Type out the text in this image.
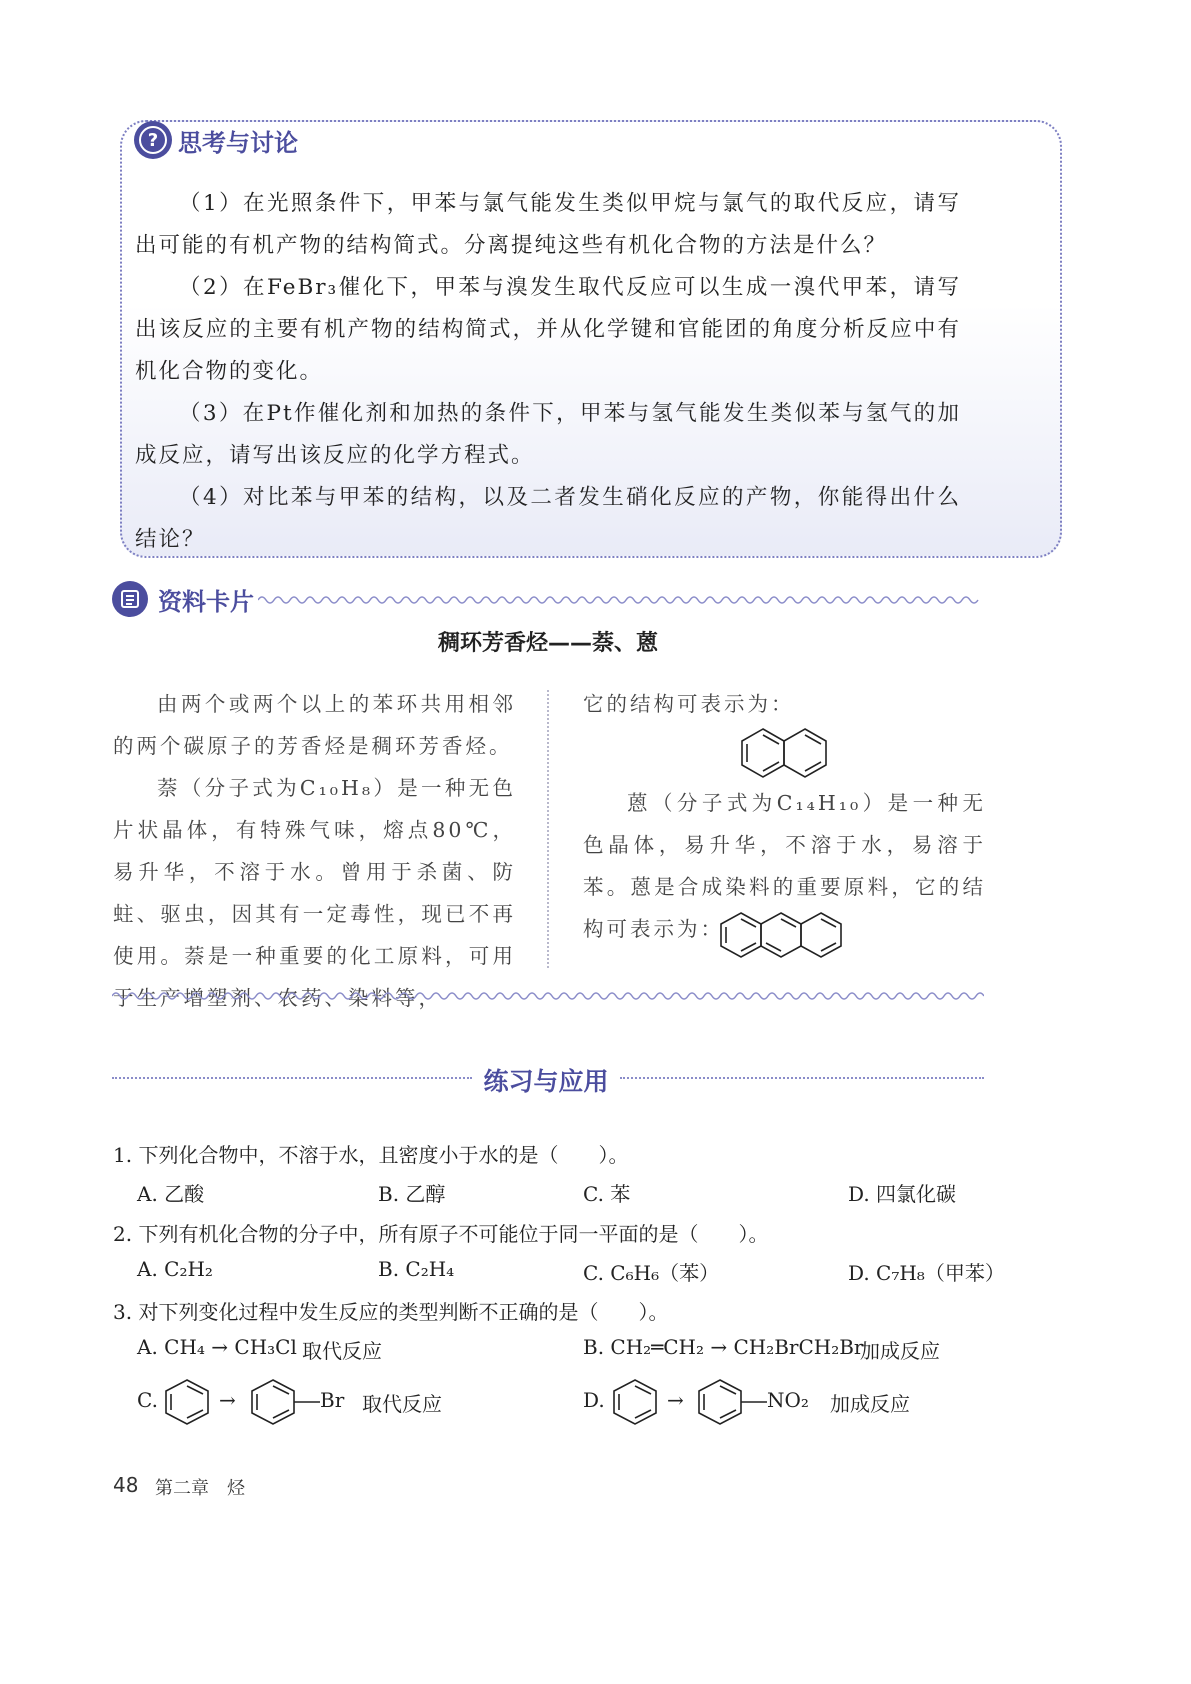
? 思考与讨论

（1）在光照条件下，甲苯与氯气能发生类似甲烷与氯气的取代反应，请写出可能的有机产物的结构简式。分离提纯这些有机化合物的方法是什么？

（2）在FeBr₃催化下，甲苯与溴发生取代反应可以生成一溴代甲苯，请写出该反应的主要有机产物的结构简式，并从化学键和官能团的角度分析反应中有机化合物的变化。

（3）在Pt作催化剂和加热的条件下，甲苯与氢气能发生类似苯与氢气的加成反应，请写出该反应的化学方程式。

（4）对比苯与甲苯的结构，以及二者发生硝化反应的产物，你能得出什么结论？

资料卡片
稠环芳香烃——萘、蒽

由两个或两个以上的苯环共用相邻的两个碳原子的芳香烃是稠环芳香烃。

萘（分子式为C₁₀H₈）是一种无色片状晶体，有特殊气味，熔点80℃，易升华，不溶于水。曾用于杀菌、防蛀、驱虫，因其有一定毒性，现已不再使用。萘是一种重要的化工原料，可用于生产增塑剂、农药、染料等，

它的结构可表示为：

蒽（分子式为C₁₄H₁₀）是一种无色晶体，易升华，不溶于水，易溶于苯。蒽是合成染料的重要原料，它的结构可表示为：

练习与应用
1. 下列化合物中，不溶于水，且密度小于水的是（　　）。
A. 乙酸	B. 乙醇	C. 苯	D. 四氯化碳
2. 下列有机化合物的分子中，所有原子不可能位于同一平面的是（　　）。
A. C₂H₂	B. C₂H₄	C. C₆H₆（苯）	D. C₇H₈（甲苯）
3. 对下列变化过程中发生反应的类型判断不正确的是（　　）。
A. CH₄ → CH₃Cl 取代反应	B. CH₂═CH₂ → CH₂BrCH₂Br
加成反应
C.	→	Br 取代反应	D.	→	NO₂ 加成反应
48 第二章　烃
